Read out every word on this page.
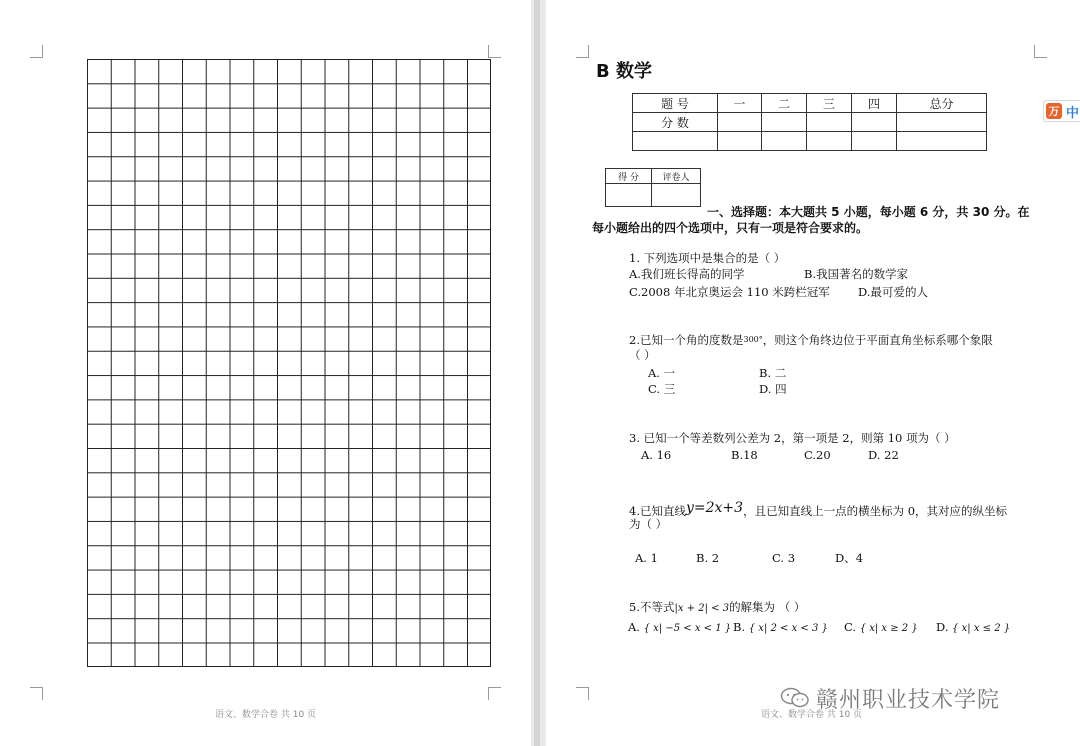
语文、数学合卷 共 10 页
B 数学
题 号	一	二	三	四	总分
分 数					

得 分	评卷人

一、选择题：本大题共 5 小题，每小题 6 分，共 30 分。在
每小题给出的四个选项中，只有一项是符合要求的。
1. 下列选项中是集合的是（ ）
A.我们班长得高的同学	B.我国著名的数学家
C.2008 年北京奥运会 110 米跨栏冠军 D.最可爱的人
2.已知一个角的度数是300°，则这个角终边位于平面直角坐标系哪个象限
（ ）
A. 一	B. 二
C. 三	D. 四
3. 已知一个等差数列公差为 2，第一项是 2，则第 10 项为（ ）
A. 16	B.18	C.20	D. 22
4.已知直线y=2x+3，且已知直线上一点的横坐标为 0，其对应的纵坐标
为（ ）
A. 1	B. 2	C. 3	D、4
5.不等式|x + 2| < 3的解集为 （ ）
A. { x| −5 < x < 1 } B. { x| 2 < x < 3 } C. { x| x ≥ 2 } D. { x| x ≤ 2 }
语文、数学合卷 共 10 页
万 中
赣州职业技术学院
